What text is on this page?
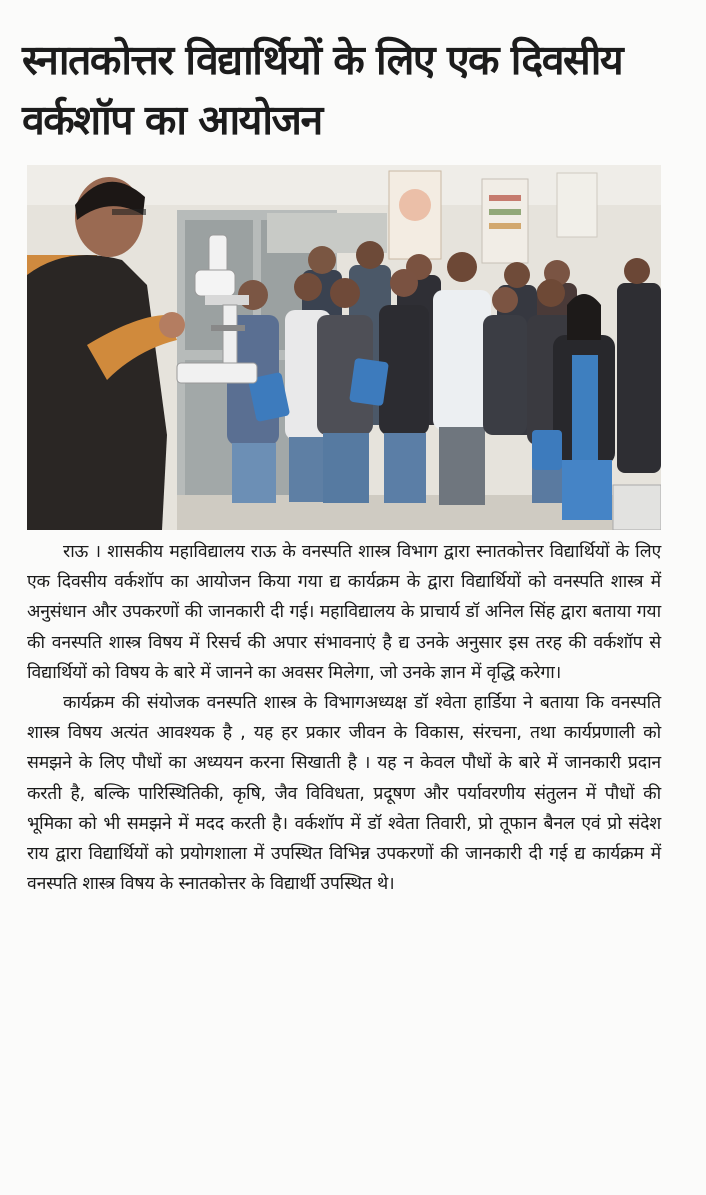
स्नातकोत्तर विद्यार्थियों के लिए एक दिवसीय वर्कशॉप का आयोजन

राऊ । शासकीय महाविद्यालय राऊ के वनस्पति शास्त्र विभाग द्वारा स्नातकोत्तर विद्यार्थियों के लिए एक दिवसीय वर्कशॉप का आयोजन किया गया द्य कार्यक्रम के द्वारा विद्यार्थियों को वनस्पति शास्त्र में अनुसंधान और उपकरणों की जानकारी दी गई। महाविद्यालय के प्राचार्य डॉ अनिल सिंह द्वारा बताया गया की वनस्पति शास्त्र विषय में रिसर्च की अपार संभावनाएं है द्य उनके अनुसार इस तरह की वर्कशॉप से विद्यार्थियों को विषय के बारे में जानने का अवसर मिलेगा, जो उनके ज्ञान में वृद्धि करेगा।

कार्यक्रम की संयोजक वनस्पति शास्त्र के विभागअध्यक्ष डॉ श्वेता हार्डिया ने बताया कि वनस्पति शास्त्र विषय अत्यंत आवश्यक है , यह हर प्रकार जीवन के विकास, संरचना, तथा कार्यप्रणाली को समझने के लिए पौधों का अध्ययन करना सिखाती है । यह न केवल पौधों के बारे में जानकारी प्रदान करती है, बल्कि पारिस्थितिकी, कृषि, जैव विविधता, प्रदूषण और पर्यावरणीय संतुलन में पौधों की भूमिका को भी समझने में मदद करती है। वर्कशॉप में डॉ श्वेता तिवारी, प्रो तूफान बैनल एवं प्रो संदेश राय द्वारा विद्यार्थियों को प्रयोगशाला में उपस्थित विभिन्न उपकरणों की जानकारी दी गई द्य कार्यक्रम में वनस्पति शास्त्र विषय के स्नातकोत्तर के विद्यार्थी उपस्थित थे।
